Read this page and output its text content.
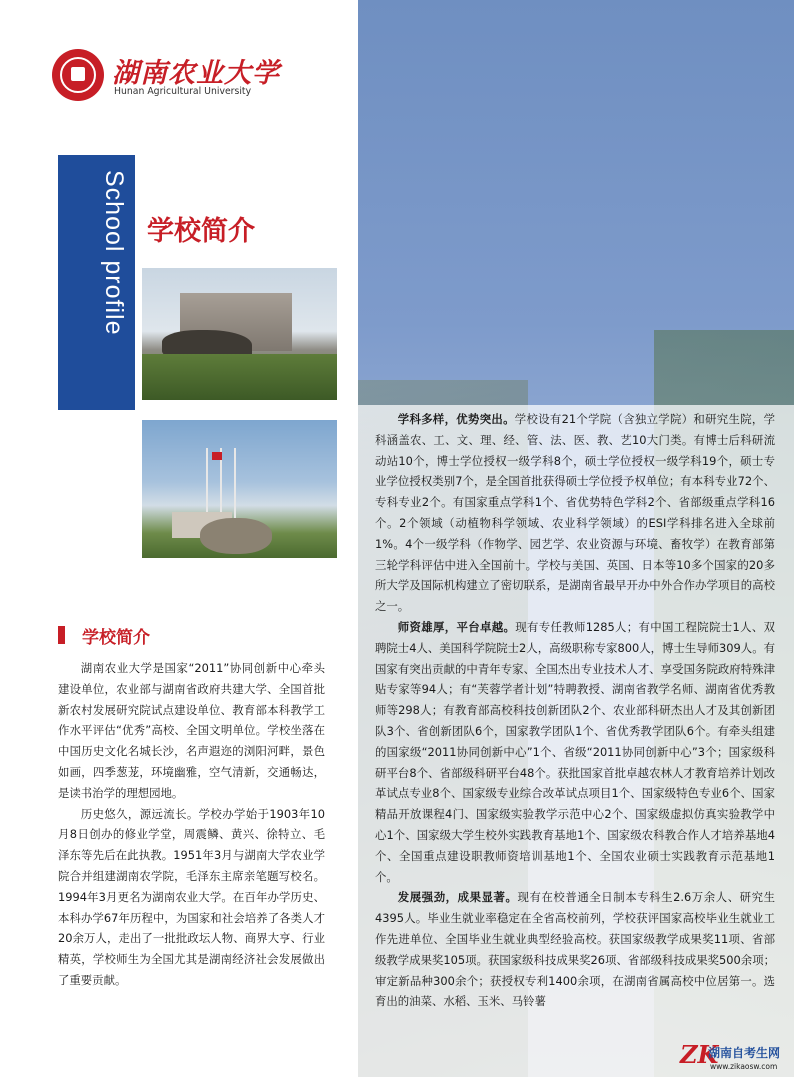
湖南农业大学
Hunan Agricultural University
School profile 学校简介
学校简介

湖南农业大学是国家“2011”协同创新中心牵头建设单位，农业部与湖南省政府共建大学、全国首批新农村发展研究院试点建设单位、教育部本科教学工作水平评估“优秀”高校、全国文明单位。学校坐落在中国历史文化名城长沙，名声遐迩的浏阳河畔，景色如画，四季葱茏，环境幽雅，空气清新，交通畅达，是读书治学的理想园地。

历史悠久，源远流长。学校办学始于1903年10月8日创办的修业学堂，周震鳞、黄兴、徐特立、毛泽东等先后在此执教。1951年3月与湖南大学农业学院合并组建湖南农学院，毛泽东主席亲笔题写校名。1994年3月更名为湖南农业大学。在百年办学历史、本科办学67年历程中，为国家和社会培养了各类人才20余万人，走出了一批批政坛人物、商界大亨、行业精英，学校师生为全国尤其是湖南经济社会发展做出了重要贡献。

学科多样，优势突出。学校设有21个学院（含独立学院）和研究生院，学科涵盖农、工、文、理、经、管、法、医、教、艺10大门类。有博士后科研流动站10个，博士学位授权一级学科8个，硕士学位授权一级学科19个，硕士专业学位授权类别7个，是全国首批获得硕士学位授予权单位；有本科专业72个、专科专业2个。有国家重点学科1个、省优势特色学科2个、省部级重点学科16个。2个领域（动植物科学领域、农业科学领域）的ESI学科排名进入全球前1%。4个一级学科（作物学、园艺学、农业资源与环境、畜牧学）在教育部第三轮学科评估中进入全国前十。学校与美国、英国、日本等10多个国家的20多所大学及国际机构建立了密切联系，是湖南省最早开办中外合作办学项目的高校之一。

师资雄厚，平台卓越。现有专任教师1285人；有中国工程院院士1人、双聘院士4人、美国科学院院士2人，高级职称专家800人，博士生导师309人。有国家有突出贡献的中青年专家、全国杰出专业技术人才、享受国务院政府特殊津贴专家等94人；有“芙蓉学者计划”特聘教授、湖南省教学名师、湖南省优秀教师等298人；有教育部高校科技创新团队2个、农业部科研杰出人才及其创新团队3个、省创新团队6个，国家教学团队1个、省优秀教学团队6个。有牵头组建的国家级“2011协同创新中心”1个、省级“2011协同创新中心”3个；国家级科研平台8个、省部级科研平台48个。获批国家首批卓越农林人才教育培养计划改革试点专业8个、国家级专业综合改革试点项目1个、国家级特色专业6个、国家精品开放课程4门、国家级实验教学示范中心2个、国家级虚拟仿真实验教学中心1个、国家级大学生校外实践教育基地1个、国家级农科教合作人才培养基地4个、全国重点建设职教师资培训基地1个、全国农业硕士实践教育示范基地1个。

发展强劲，成果显著。现有在校普通全日制本专科生2.6万余人、研究生4395人。毕业生就业率稳定在全省高校前列，学校获评国家高校毕业生就业工作先进单位、全国毕业生就业典型经验高校。获国家级教学成果奖11项、省部级教学成果奖105项。获国家级科技成果奖26项、省部级科技成果奖500余项；审定新品种300余个；获授权专利1400余项，在湖南省属高校中位居第一。选育出的油菜、水稻、玉米、马铃薯

ZK
湖南自考生网
www.zikaosw.com
